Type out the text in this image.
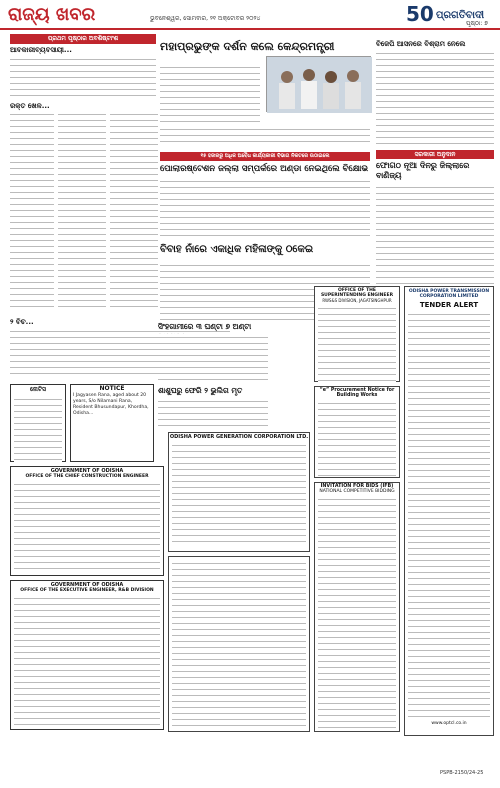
ରାଜ୍ୟ ଖବର	ଭୁବନେଶ୍ୱର, ସୋମବାର, ୨୧ ଅକ୍ଟୋବର ୨୦୨୪	50 ପ୍ରଗତିବାଦୀ
ପୃଷ୍ଠା: ୭
ପ୍ରଥମ ପୃଷ୍ଠାର ଅବଶିଷ୍ଟାଂଶ
ଆବକାରୀବ୍ୟବସାୟୀ...
ରକ୍ତ ଖେଳ...
୨ ବିଚ...
ମହାପ୍ରଭୁଙ୍କ ଦର୍ଶନ କଲେ କେନ୍ଦ୍ରମନ୍ତ୍ରୀ
୧୫ ହଜାରରୁ ଅଧିକ ଅବୈଧ କାର୍ଯ୍ୟକାରୀ ବିଭାଗ ନିକଟରେ ଉଠାଇଲେ
ପୋଲାରଷ୍ଟେଶନ ଜଲ୍ଲା ସମ୍ପର୍କରେ ଅଣ୍ଡା ନେଇଥିଲେ ବିକ୍ଷୋଭ
ବିବାହ ନାଁରେ ଏକାଧିକ ମହିଳାଙ୍କୁ ଠକେଇ
ସିଂହଗାମୀରେ ୩ ଘଣ୍ଟା ୭ ଅଣ୍ଟା
ଶାଶୁଘରୁ ଫେରି ୨ ଭୁଲିଗ ମୃତ
ବିଜେପି ଆସନରେ ବିଶ୍ରାମ ନେଲେ
ସରକାରୀ ଅନୁଦାନ
ଫୋଗଠ ନୂଆ ଦିନରୁ ଜିଲ୍ଲାରେ ବାଣିଜ୍ୟ
ନୋଟିସ	NOTICE
I Jagyasen Rana, aged about 20 years, S/o Nilamani Rana, Resident Bhusundapur, Khordha, Odisha...
GOVERNMENT OF ODISHA
OFFICE OF THE CHIEF CONSTRUCTION ENGINEER
GOVERNMENT OF ODISHA
OFFICE OF THE EXECUTIVE ENGINEER, R&B DIVISION
ODISHA POWER GENERATION CORPORATION LTD.
OFFICE OF THE SUPERINTENDING ENGINEER
RWS&S DIVISION, JAGATSINGHPUR
“e” Procurement Notice for Building Works
INVITATION FOR BIDS (IFB)
NATIONAL COMPETITIVE BIDDING
ODISHA POWER TRANSMISSION CORPORATION LIMITED
TENDER ALERT
www.optcl.co.in
PSPB-2150/24-25
